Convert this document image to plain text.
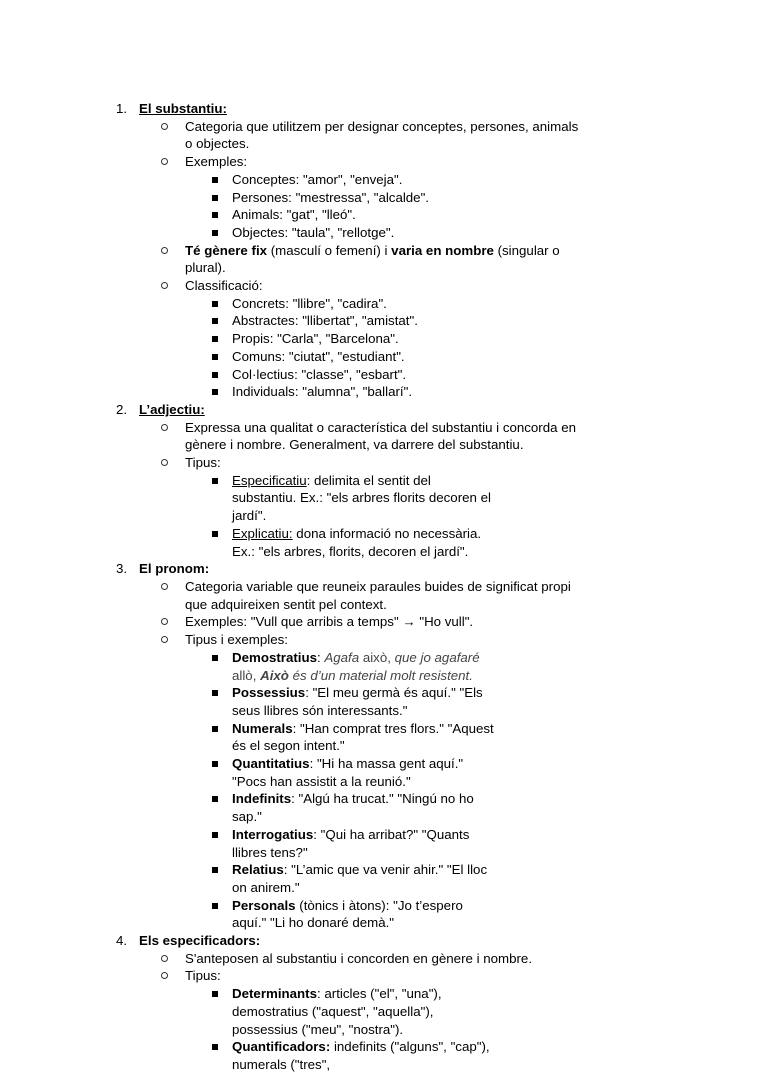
1. El substantiu:
Categoria que utilitzem per designar conceptes, persones, animals o objectes.
Exemples:
Conceptes: "amor", "enveja".
Persones: "mestressa", "alcalde".
Animals: "gat", "lleó".
Objectes: "taula", "rellotge".
Té gènere fix (masculí o femení) i varia en nombre (singular o plural).
Classificació:
Concrets: "llibre", "cadira".
Abstractes: "llibertat", "amistat".
Propis: "Carla", "Barcelona".
Comuns: "ciutat", "estudiant".
Col·lectius: "classe", "esbart".
Individuals: "alumna", "ballarí".
2. L’adjectiu:
Expressa una qualitat o característica del substantiu i concorda en gènere i nombre. Generalment, va darrere del substantiu.
Tipus:
Especificatiu: delimita el sentit del substantiu. Ex.: "els arbres florits decoren el jardí".
Explicatiu: dona informació no necessària. Ex.: "els arbres, florits, decoren el jardí".
3. El pronom:
Categoria variable que reuneix paraules buides de significat propi que adquireixen sentit pel context.
Exemples: "Vull que arribis a temps" → "Ho vull".
Tipus i exemples:
Demostratius: Agafa això, que jo agafaré allò, Això és d’un material molt resistent.
Possessius: "El meu germà és aquí." "Els seus llibres són interessants."
Numerals: "Han comprat tres flors." "Aquest és el segon intent."
Quantitatius: "Hi ha massa gent aquí." "Pocs han assistit a la reunió."
Indefinits: "Algú ha trucat." "Ningú no ho sap."
Interrogatius: "Qui ha arribat?" "Quants llibres tens?"
Relatius: "L’amic que va venir ahir." "El lloc on anirem."
Personals (tònics i àtons): "Jo t’espero aquí." "Li ho donaré demà."
4. Els especificadors:
S'anteposen al substantiu i concorden en gènere i nombre.
Tipus:
Determinants: articles ("el", "una"), demostratius ("aquest", "aquella"), possessius ("meu", "nostra").
Quantificadors: indefinits ("alguns", "cap"), numerals ("tres",
